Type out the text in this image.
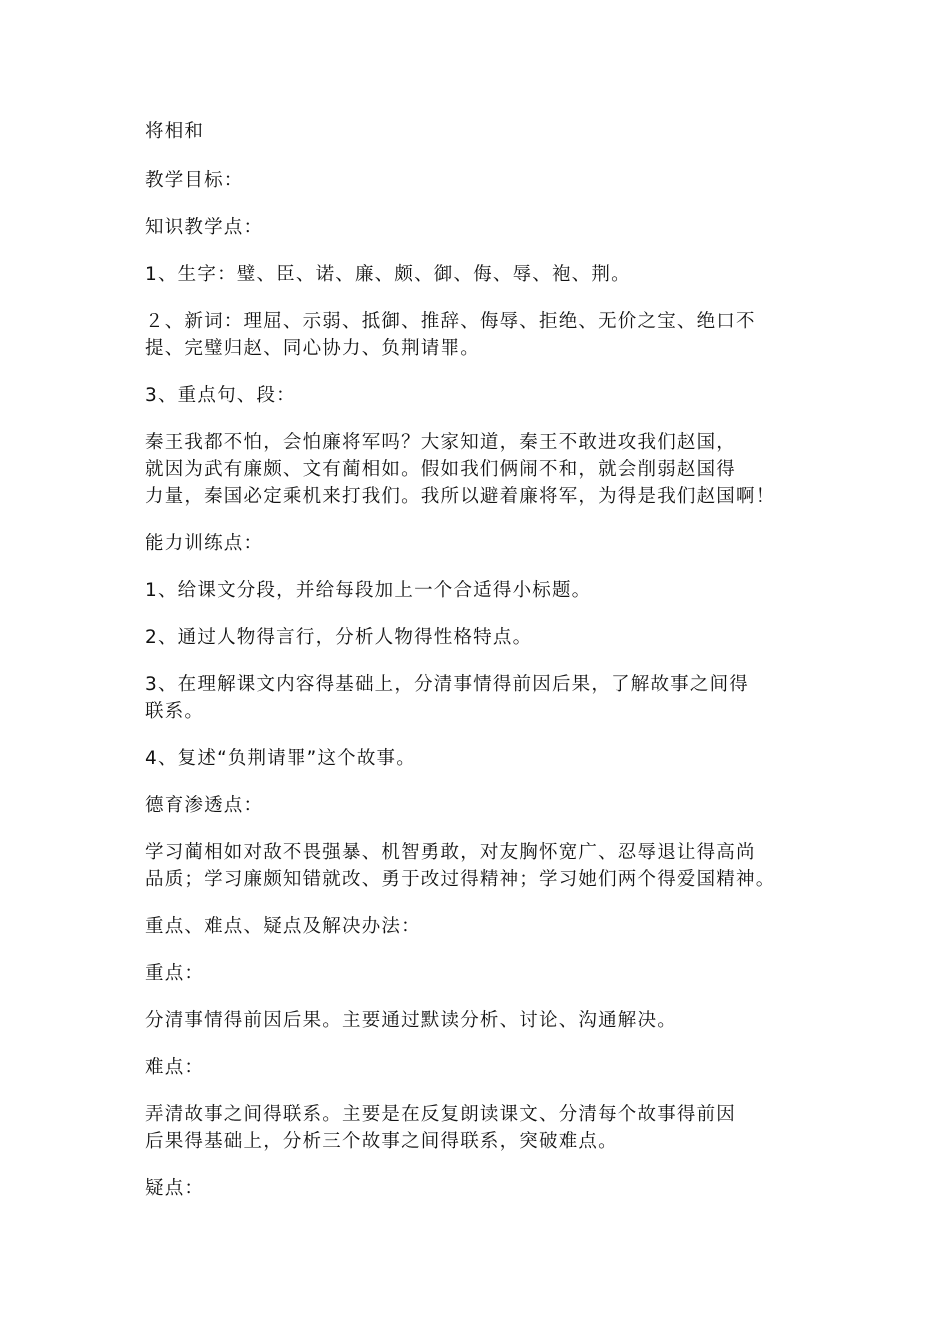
将相和

教学目标：

知识教学点：

1、生字：璧、臣、诺、廉、颇、御、侮、辱、袍、荆。

２、新词：理屈、示弱、抵御、推辞、侮辱、拒绝、无价之宝、绝口不
提、完璧归赵、同心协力、负荆请罪。

3、重点句、段：

秦王我都不怕，会怕廉将军吗？大家知道，秦王不敢进攻我们赵国，
就因为武有廉颇、文有蔺相如。假如我们俩闹不和，就会削弱赵国得
力量，秦国必定乘机来打我们。我所以避着廉将军，为得是我们赵国啊！

能力训练点：

1、给课文分段，并给每段加上一个合适得小标题。

2、通过人物得言行，分析人物得性格特点。

3、在理解课文内容得基础上，分清事情得前因后果，了解故事之间得
联系。

4、复述“负荆请罪”这个故事。

德育渗透点：

学习蔺相如对敌不畏强暴、机智勇敢，对友胸怀宽广、忍辱退让得高尚
品质；学习廉颇知错就改、勇于改过得精神；学习她们两个得爱国精神。

重点、难点、疑点及解决办法：

重点：

分清事情得前因后果。主要通过默读分析、讨论、沟通解决。

难点：

弄清故事之间得联系。主要是在反复朗读课文、分清每个故事得前因
后果得基础上，分析三个故事之间得联系，突破难点。

疑点：
